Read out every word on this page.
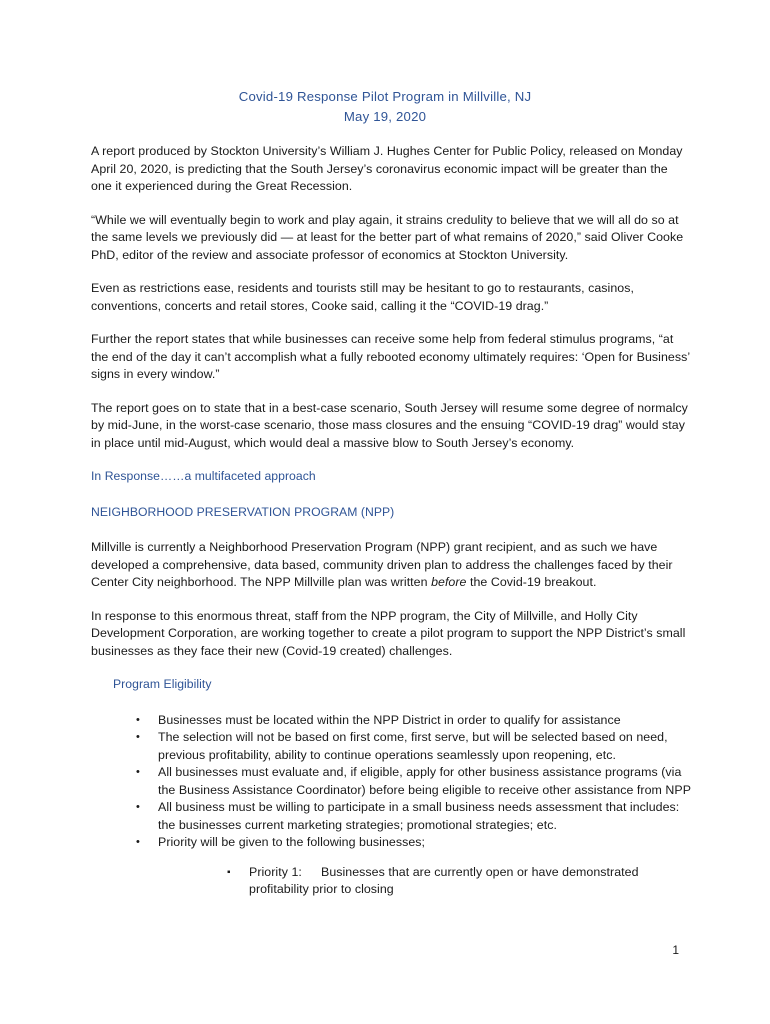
Covid-19 Response Pilot Program in Millville, NJ
May 19, 2020

A report produced by Stockton University’s William J. Hughes Center for Public Policy, released on Monday April 20, 2020, is predicting that the South Jersey’s coronavirus economic impact will be greater than the one it experienced during the Great Recession.

“While we will eventually begin to work and play again, it strains credulity to believe that we will all do so at the same levels we previously did — at least for the better part of what remains of 2020,” said Oliver Cooke PhD, editor of the review and associate professor of economics at Stockton University.

Even as restrictions ease, residents and tourists still may be hesitant to go to restaurants, casinos, conventions, concerts and retail stores, Cooke said, calling it the “COVID-19 drag.”

Further the report states that while businesses can receive some help from federal stimulus programs, “at the end of the day it can’t accomplish what a fully rebooted economy ultimately requires: ‘Open for Business’ signs in every window.”

The report goes on to state that in a best-case scenario, South Jersey will resume some degree of normalcy by mid-June, in the worst-case scenario, those mass closures and the ensuing “COVID-19 drag” would stay in place until mid-August, which would deal a massive blow to South Jersey’s economy.

In Response……a multifaceted approach
NEIGHBORHOOD PRESERVATION PROGRAM (NPP)

Millville is currently a Neighborhood Preservation Program (NPP) grant recipient, and as such we have developed a comprehensive, data based, community driven plan to address the challenges faced by their Center City neighborhood. The NPP Millville plan was written before the Covid-19 breakout.

In response to this enormous threat, staff from the NPP program, the City of Millville, and Holly City Development Corporation, are working together to create a pilot program to support the NPP District’s small businesses as they face their new (Covid-19 created) challenges.

Program Eligibility
• Businesses must be located within the NPP District in order to qualify for assistance
• The selection will not be based on first come, first serve, but will be selected based on need, previous profitability, ability to continue operations seamlessly upon reopening, etc.
• All businesses must evaluate and, if eligible, apply for other business assistance programs (via the Business Assistance Coordinator) before being eligible to receive other assistance from NPP
• All business must be willing to participate in a small business needs assessment that includes: the businesses current marketing strategies; promotional strategies; etc.
• Priority will be given to the following businesses;
▪ Priority 1: Businesses that are currently open or have demonstrated profitability prior to closing
1
